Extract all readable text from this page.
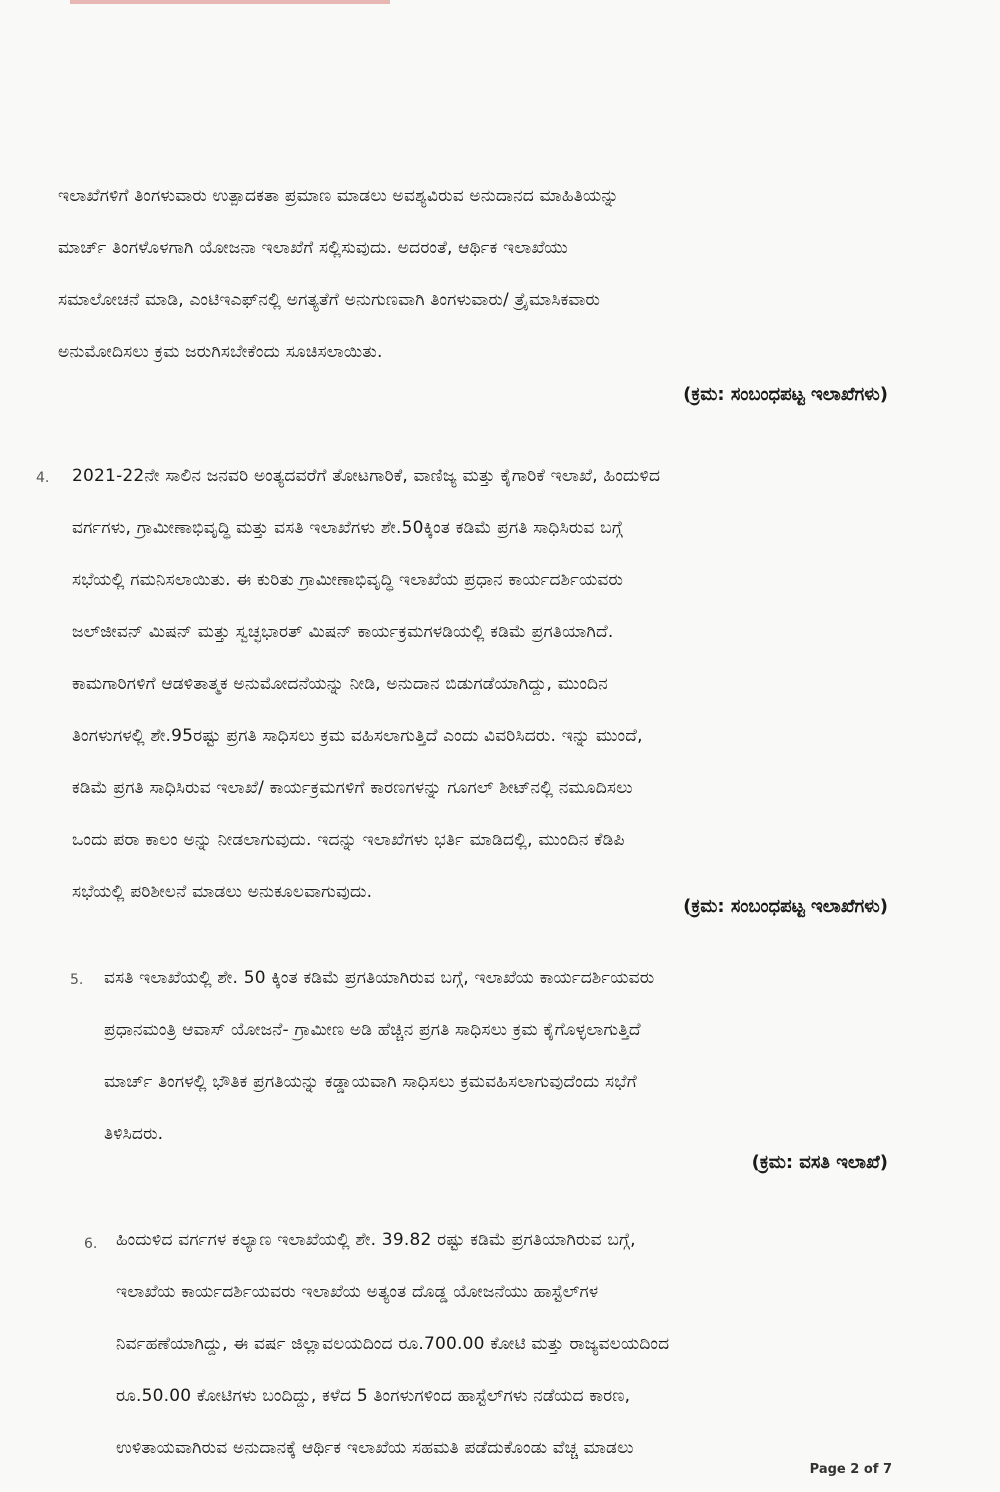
ಇಲಾಖೆಗಳಿಗೆ ತಿಂಗಳುವಾರು ಉತ್ಪಾದಕತಾ ಪ್ರಮಾಣ ಮಾಡಲು ಅವಶ್ಯವಿರುವ ಅನುದಾನದ ಮಾಹಿತಿಯನ್ನು
ಮಾರ್ಚ್ ತಿಂಗಳೊಳಗಾಗಿ ಯೋಜನಾ ಇಲಾಖೆಗೆ ಸಲ್ಲಿಸುವುದು. ಅದರಂತೆ, ಆರ್ಥಿಕ ಇಲಾಖೆಯು
ಸಮಾಲೋಚನೆ ಮಾಡಿ, ಎಂಟಿಇಎಫ್‌ನಲ್ಲಿ ಅಗತ್ಯತೆಗೆ ಅನುಗುಣವಾಗಿ ತಿಂಗಳುವಾರು/ ತ್ರೈಮಾಸಿಕವಾರು
ಅನುಮೋದಿಸಲು ಕ್ರಮ ಜರುಗಿಸಬೇಕೆಂದು ಸೂಚಿಸಲಾಯಿತು.
(ಕ್ರಮ: ಸಂಬಂಧಪಟ್ಟ ಇಲಾಖೆಗಳು)
4. 2021-22ನೇ ಸಾಲಿನ ಜನವರಿ ಅಂತ್ಯದವರೆಗೆ ತೋಟಗಾರಿಕೆ, ವಾಣಿಜ್ಯ ಮತ್ತು ಕೈಗಾರಿಕೆ ಇಲಾಖೆ, ಹಿಂದುಳಿದ
ವರ್ಗಗಳು, ಗ್ರಾಮೀಣಾಭಿವೃದ್ಧಿ ಮತ್ತು ವಸತಿ ಇಲಾಖೆಗಳು ಶೇ.50ಕ್ಕಿಂತ ಕಡಿಮೆ ಪ್ರಗತಿ ಸಾಧಿಸಿರುವ ಬಗ್ಗೆ
ಸಭೆಯಲ್ಲಿ ಗಮನಿಸಲಾಯಿತು. ಈ ಕುರಿತು ಗ್ರಾಮೀಣಾಭಿವೃದ್ಧಿ ಇಲಾಖೆಯ ಪ್ರಧಾನ ಕಾರ್ಯದರ್ಶಿಯವರು
ಜಲ್‌ಜೀವನ್ ಮಿಷನ್ ಮತ್ತು ಸ್ವಚ್ಛಭಾರತ್ ಮಿಷನ್ ಕಾರ್ಯಕ್ರಮಗಳಡಿಯಲ್ಲಿ ಕಡಿಮೆ ಪ್ರಗತಿಯಾಗಿದೆ.
ಕಾಮಗಾರಿಗಳಿಗೆ ಆಡಳಿತಾತ್ಮಕ ಅನುಮೋದನೆಯನ್ನು ನೀಡಿ, ಅನುದಾನ ಬಿಡುಗಡೆಯಾಗಿದ್ದು, ಮುಂದಿನ
ತಿಂಗಳುಗಳಲ್ಲಿ ಶೇ.95ರಷ್ಟು ಪ್ರಗತಿ ಸಾಧಿಸಲು ಕ್ರಮ ವಹಿಸಲಾಗುತ್ತಿದೆ ಎಂದು ವಿವರಿಸಿದರು. ಇನ್ನು ಮುಂದೆ,
ಕಡಿಮೆ ಪ್ರಗತಿ ಸಾಧಿಸಿರುವ ಇಲಾಖೆ/ ಕಾರ್ಯಕ್ರಮಗಳಿಗೆ ಕಾರಣಗಳನ್ನು ಗೂಗಲ್ ಶೀಟ್‌ನಲ್ಲಿ ನಮೂದಿಸಲು
ಒಂದು ಪರಾ ಕಾಲಂ ಅನ್ನು ನೀಡಲಾಗುವುದು. ಇದನ್ನು ಇಲಾಖೆಗಳು ಭರ್ತಿ ಮಾಡಿದಲ್ಲಿ, ಮುಂದಿನ ಕೆಡಿಪಿ
ಸಭೆಯಲ್ಲಿ ಪರಿಶೀಲನೆ ಮಾಡಲು ಅನುಕೂಲವಾಗುವುದು.
(ಕ್ರಮ: ಸಂಬಂಧಪಟ್ಟ ಇಲಾಖೆಗಳು)
5. ವಸತಿ ಇಲಾಖೆಯಲ್ಲಿ ಶೇ. 50 ಕ್ಕಿಂತ ಕಡಿಮೆ ಪ್ರಗತಿಯಾಗಿರುವ ಬಗ್ಗೆ, ಇಲಾಖೆಯ ಕಾರ್ಯದರ್ಶಿಯವರು
ಪ್ರಧಾನಮಂತ್ರಿ ಆವಾಸ್ ಯೋಜನೆ- ಗ್ರಾಮೀಣ ಅಡಿ ಹೆಚ್ಚಿನ ಪ್ರಗತಿ ಸಾಧಿಸಲು ಕ್ರಮ ಕೈಗೊಳ್ಳಲಾಗುತ್ತಿದೆ
ಮಾರ್ಚ್ ತಿಂಗಳಲ್ಲಿ ಭೌತಿಕ ಪ್ರಗತಿಯನ್ನು ಕಡ್ಡಾಯವಾಗಿ ಸಾಧಿಸಲು ಕ್ರಮವಹಿಸಲಾಗುವುದೆಂದು ಸಭೆಗೆ
ತಿಳಿಸಿದರು.
(ಕ್ರಮ: ವಸತಿ ಇಲಾಖೆ)
6. ಹಿಂದುಳಿದ ವರ್ಗಗಳ ಕಲ್ಯಾಣ ಇಲಾಖೆಯಲ್ಲಿ ಶೇ. 39.82 ರಷ್ಟು ಕಡಿಮೆ ಪ್ರಗತಿಯಾಗಿರುವ ಬಗ್ಗೆ,
ಇಲಾಖೆಯ ಕಾರ್ಯದರ್ಶಿಯವರು ಇಲಾಖೆಯ ಅತ್ಯಂತ ದೊಡ್ಡ ಯೋಜನೆಯು ಹಾಸ್ಟೆಲ್‌ಗಳ
ನಿರ್ವಹಣೆಯಾಗಿದ್ದು, ಈ ವರ್ಷ ಜಿಲ್ಲಾವಲಯದಿಂದ ರೂ.700.00 ಕೋಟಿ ಮತ್ತು ರಾಜ್ಯವಲಯದಿಂದ
ರೂ.50.00 ಕೋಟಿಗಳು ಬಂದಿದ್ದು, ಕಳೆದ 5 ತಿಂಗಳುಗಳಿಂದ ಹಾಸ್ಟೆಲ್‌ಗಳು ನಡೆಯದ ಕಾರಣ,
ಉಳಿತಾಯವಾಗಿರುವ ಅನುದಾನಕ್ಕೆ ಆರ್ಥಿಕ ಇಲಾಖೆಯ ಸಹಮತಿ ಪಡೆದುಕೊಂಡು ವೆಚ್ಚ ಮಾಡಲು
Page 2 of 7
